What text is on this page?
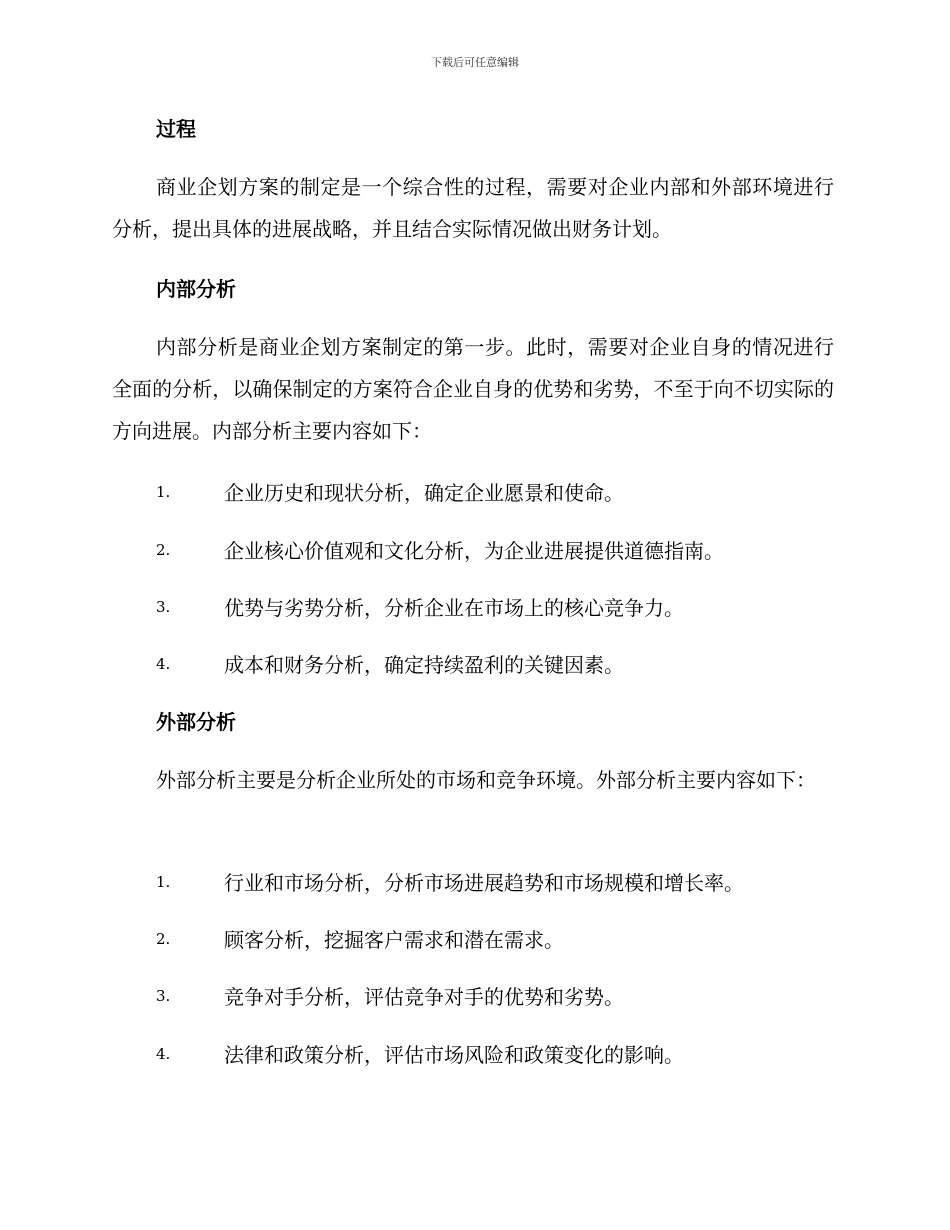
下载后可任意编辑
过程
商业企划方案的制定是一个综合性的过程，需要对企业内部和外部环境进行分析，提出具体的进展战略，并且结合实际情况做出财务计划。
内部分析
内部分析是商业企划方案制定的第一步。此时，需要对企业自身的情况进行全面的分析，以确保制定的方案符合企业自身的优势和劣势，不至于向不切实际的方向进展。内部分析主要内容如下：
1.	企业历史和现状分析，确定企业愿景和使命。
2.	企业核心价值观和文化分析，为企业进展提供道德指南。
3.	优势与劣势分析，分析企业在市场上的核心竞争力。
4.	成本和财务分析，确定持续盈利的关键因素。
外部分析
外部分析主要是分析企业所处的市场和竞争环境。外部分析主要内容如下：
1.	行业和市场分析，分析市场进展趋势和市场规模和增长率。
2.	顾客分析，挖掘客户需求和潜在需求。
3.	竞争对手分析，评估竞争对手的优势和劣势。
4.	法律和政策分析，评估市场风险和政策变化的影响。
